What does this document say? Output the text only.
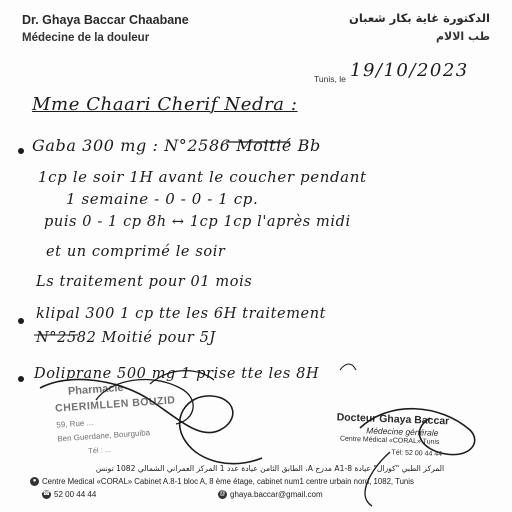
Dr. Ghaya Baccar Chaabane
Médecine de la douleur
الدكتورة غاية بكار شعبان
طب الالام
Tunis, le 19/10/2023
Mme Chaari Cherif Nedra :
Gaba 300 mg : N°2586 Moitié Bb
1cp le soir 1H avant le coucher pendant
1 semaine - 0 - 0 - 1 cp.
puis 0 - 1 cp 8h ↔ 1cp 1cp l'après midi
et un comprimé le soir
Ls traitement pour 01 mois
klipal 300 1 cp tte les 6H traitement
N°2582 Moitié pour 5J
Doliprane 500 mg 1 prise tte les 8H
Pharmacie
CHERIMLLEN BOUZID
59, Rue ...
Ben Guerdane, Bourguiba
Tél : ...
Docteur Ghaya Baccar
Médecine générale
Centre Médical «CORAL» Tunis
Tél: 52 00 44 44
المركز الطبي "كورال" عيادة 8-A1 مدرج A، الطابق الثامن عيادة عدد 1 المركز العمراني الشمالي 1082 تونس
● Centre Medical «CORAL» Cabinet A.8-1 bloc A, 8 ème étage, cabinet num1 centre urbain nord, 1082, Tunis
☎ 52 00 44 44	@ ghaya.baccar@gmail.com
